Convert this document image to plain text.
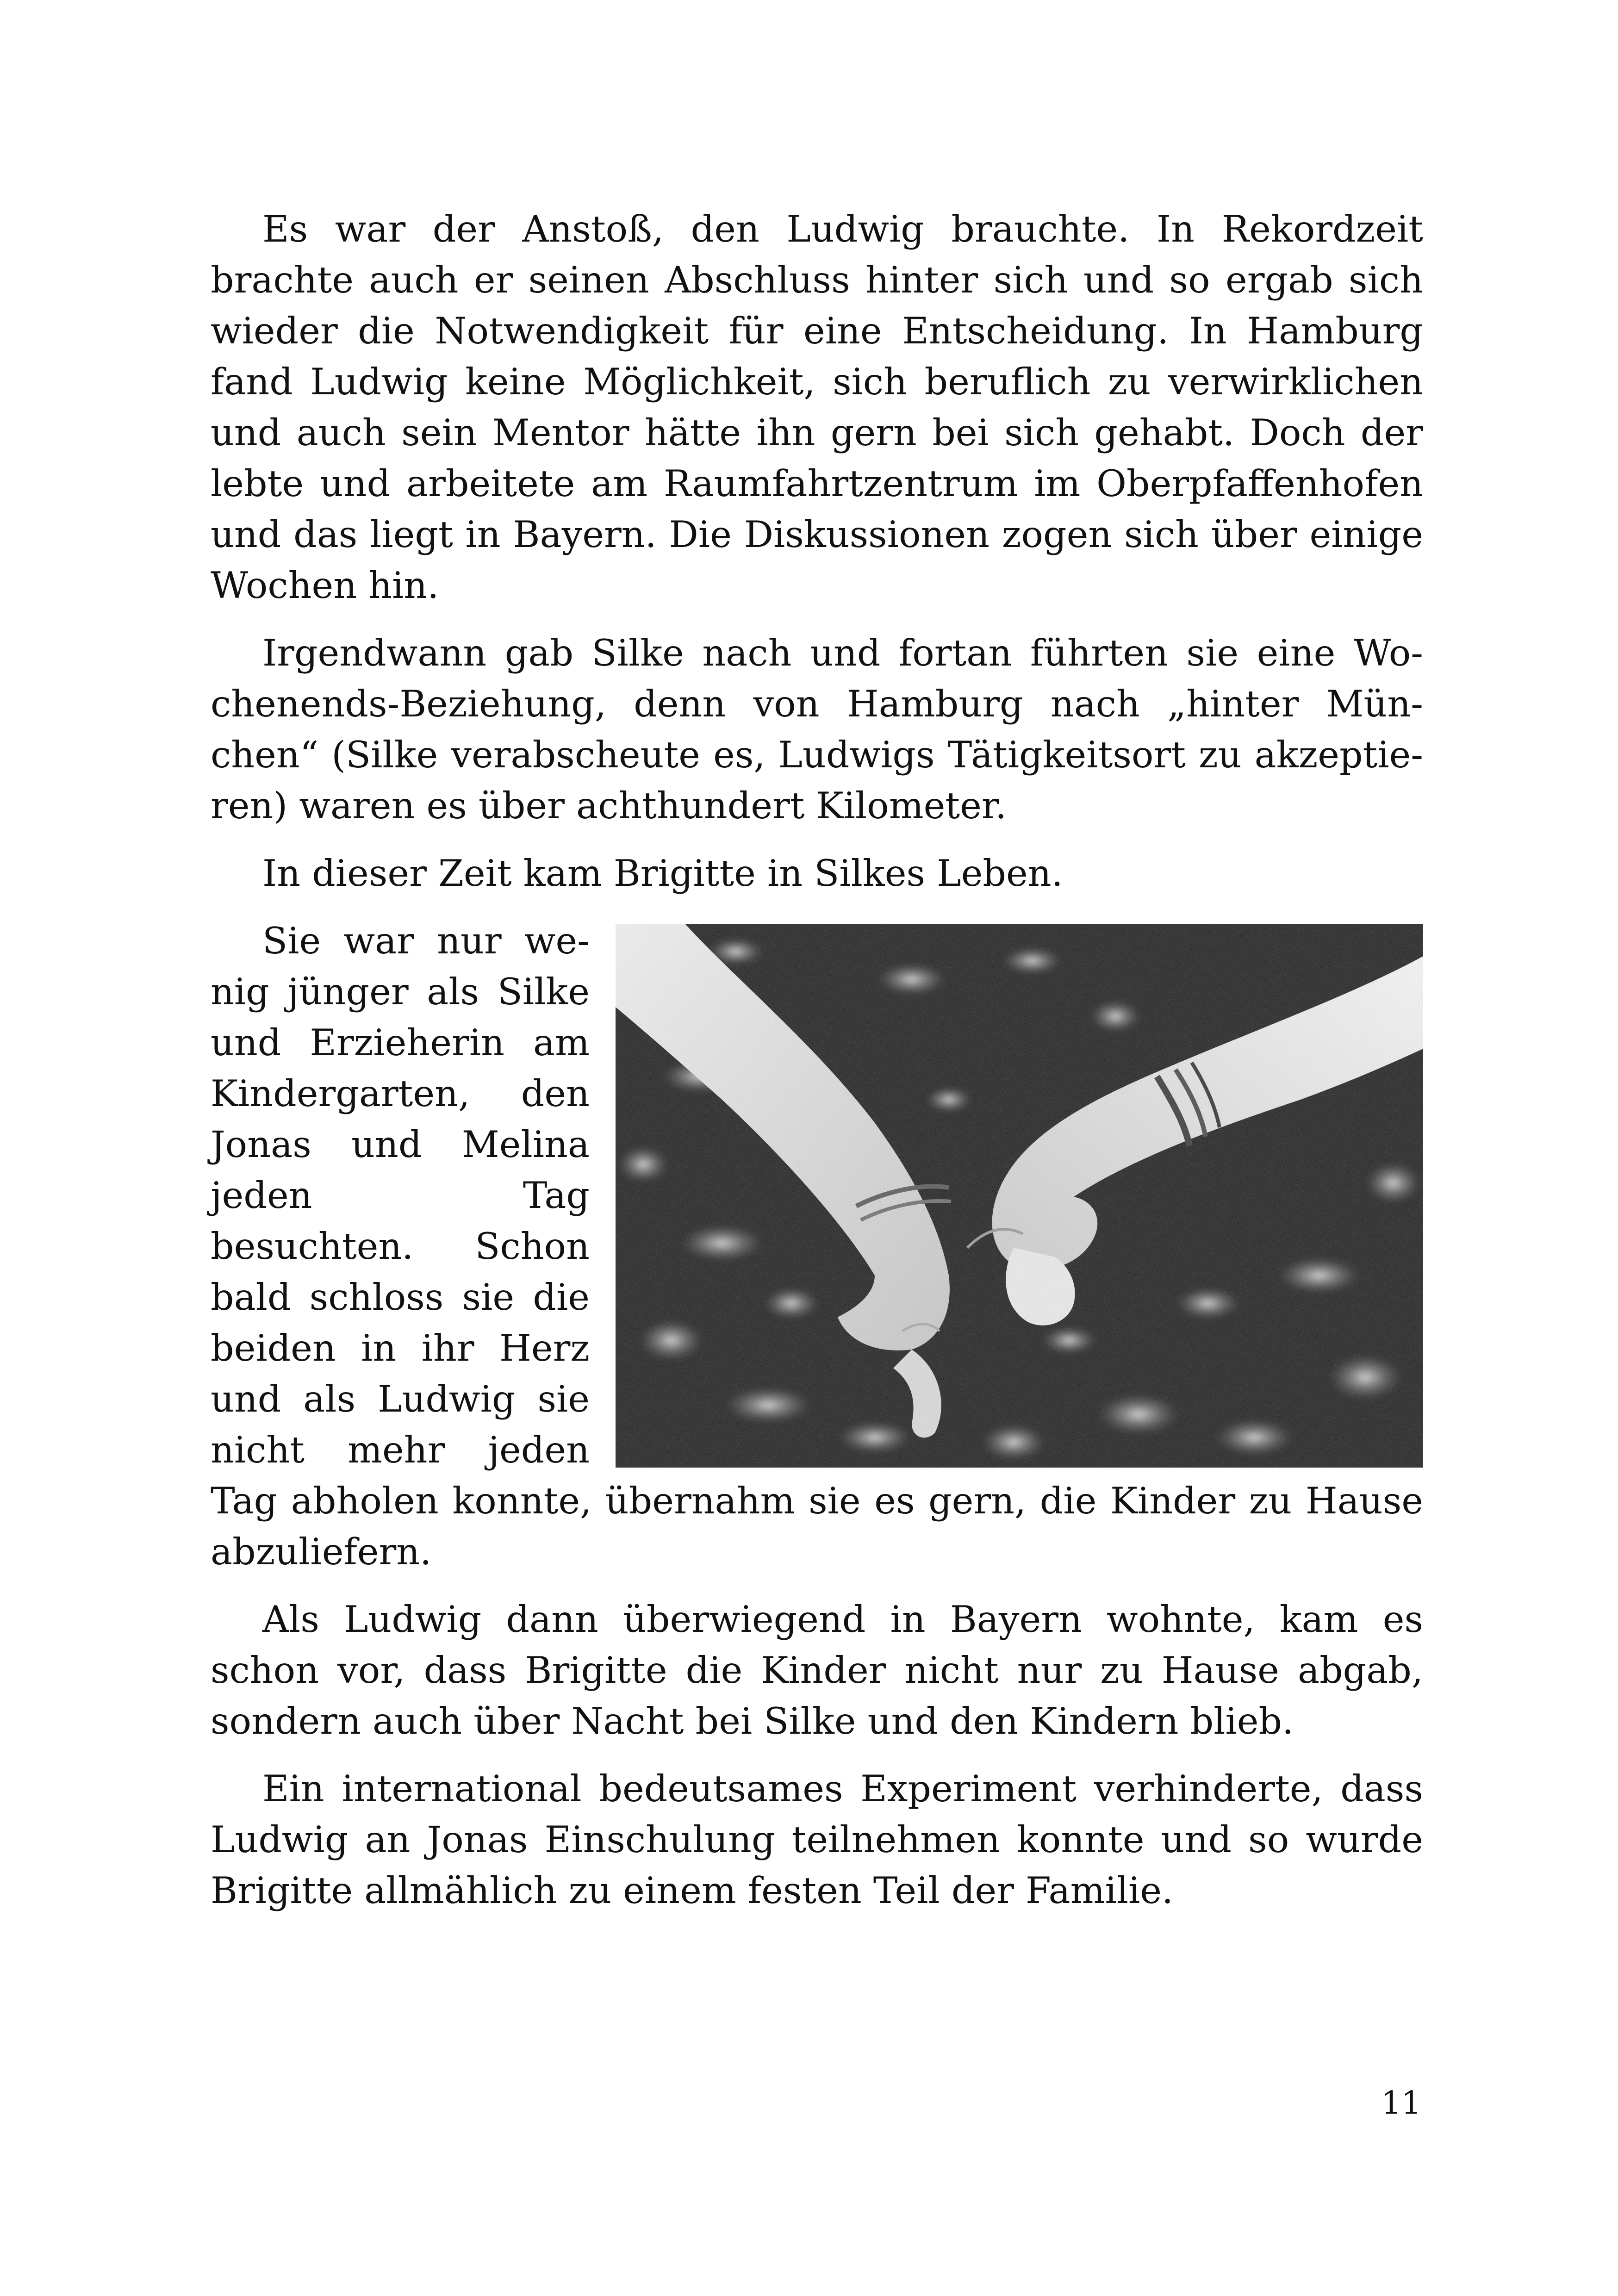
Es war der Anstoß, den Ludwig brauchte. In Rekordzeit brachte auch er seinen Abschluss hinter sich und so ergab sich wieder die Notwendigkeit für eine Entscheidung. In Hamburg fand Ludwig keine Möglichkeit, sich beruflich zu verwirklichen und auch sein Mentor hätte ihn gern bei sich gehabt. Doch der lebte und arbeitete am Raumfahrtzentrum im Oberpfaffenhofen und das liegt in Bayern. Die Diskussionen zogen sich über einige Wochen hin.

Irgendwann gab Silke nach und fortan führten sie eine Wochenends-Beziehung, denn von Hamburg nach „hinter München“ (Silke verabscheute es, Ludwigs Tätigkeitsort zu akzeptieren) waren es über achthundert Kilometer.

In dieser Zeit kam Brigitte in Silkes Leben.

Sie war nur wenig jünger als Silke und Erzieherin am Kindergarten, den Jonas und Melina jeden Tag besuchten. Schon bald schloss sie die beiden in ihr Herz und als Ludwig sie nicht mehr jeden Tag abholen konnte, übernahm sie es gern, die Kinder zu Hause abzuliefern.

Als Ludwig dann überwiegend in Bayern wohnte, kam es schon vor, dass Brigitte die Kinder nicht nur zu Hause abgab, sondern auch über Nacht bei Silke und den Kindern blieb.

Ein international bedeutsames Experiment verhinderte, dass Ludwig an Jonas Einschulung teilnehmen konnte und so wurde Brigitte allmählich zu einem festen Teil der Familie.

11
